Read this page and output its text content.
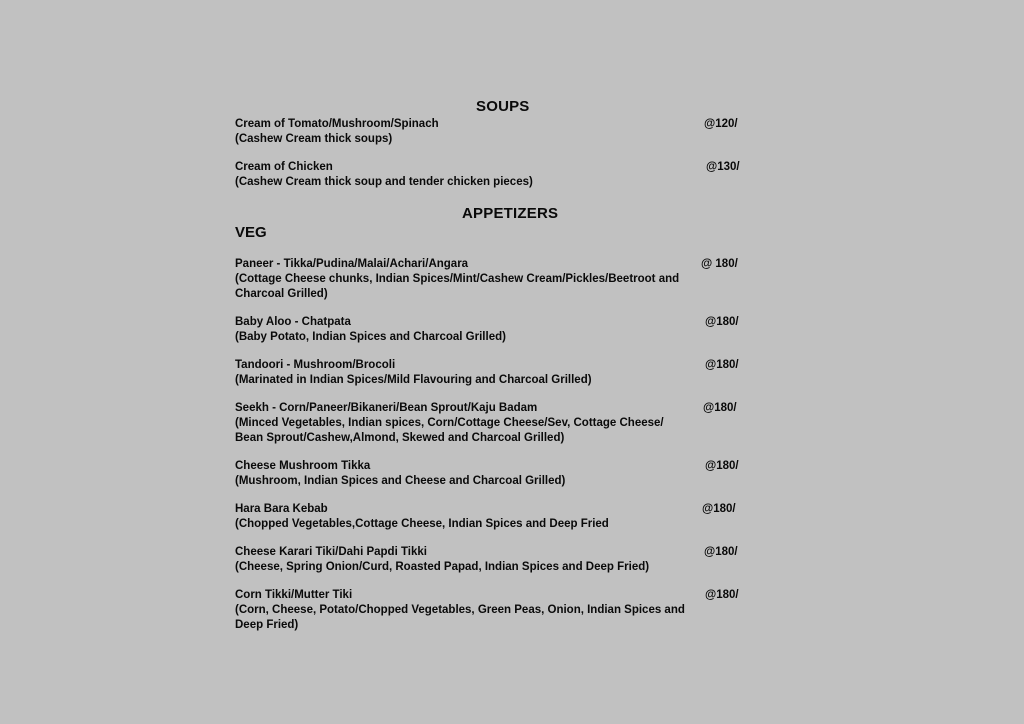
SOUPS
Cream of Tomato/Mushroom/Spinach	@120/
(Cashew Cream thick soups)
Cream of Chicken	@130/
(Cashew Cream thick soup and tender chicken pieces)
APPETIZERS
VEG
Paneer - Tikka/Pudina/Malai/Achari/Angara	@ 180/
(Cottage Cheese chunks, Indian Spices/Mint/Cashew Cream/Pickles/Beetroot and Charcoal Grilled)
Baby Aloo - Chatpata	@180/
(Baby Potato, Indian Spices and Charcoal Grilled)
Tandoori - Mushroom/Brocoli	@180/
(Marinated in Indian Spices/Mild Flavouring and Charcoal Grilled)
Seekh - Corn/Paneer/Bikaneri/Bean Sprout/Kaju Badam	@180/
(Minced Vegetables, Indian spices, Corn/Cottage Cheese/Sev, Cottage Cheese/ Bean Sprout/Cashew,Almond, Skewed and Charcoal Grilled)
Cheese Mushroom Tikka	@180/
(Mushroom, Indian Spices and Cheese and Charcoal Grilled)
Hara Bara Kebab	@180/
(Chopped Vegetables,Cottage Cheese, Indian Spices and Deep Fried
Cheese Karari Tiki/Dahi Papdi Tikki	@180/
(Cheese, Spring Onion/Curd, Roasted Papad, Indian Spices and Deep Fried)
Corn Tikki/Mutter Tiki	@180/
(Corn, Cheese, Potato/Chopped Vegetables, Green Peas, Onion, Indian Spices and Deep Fried)
